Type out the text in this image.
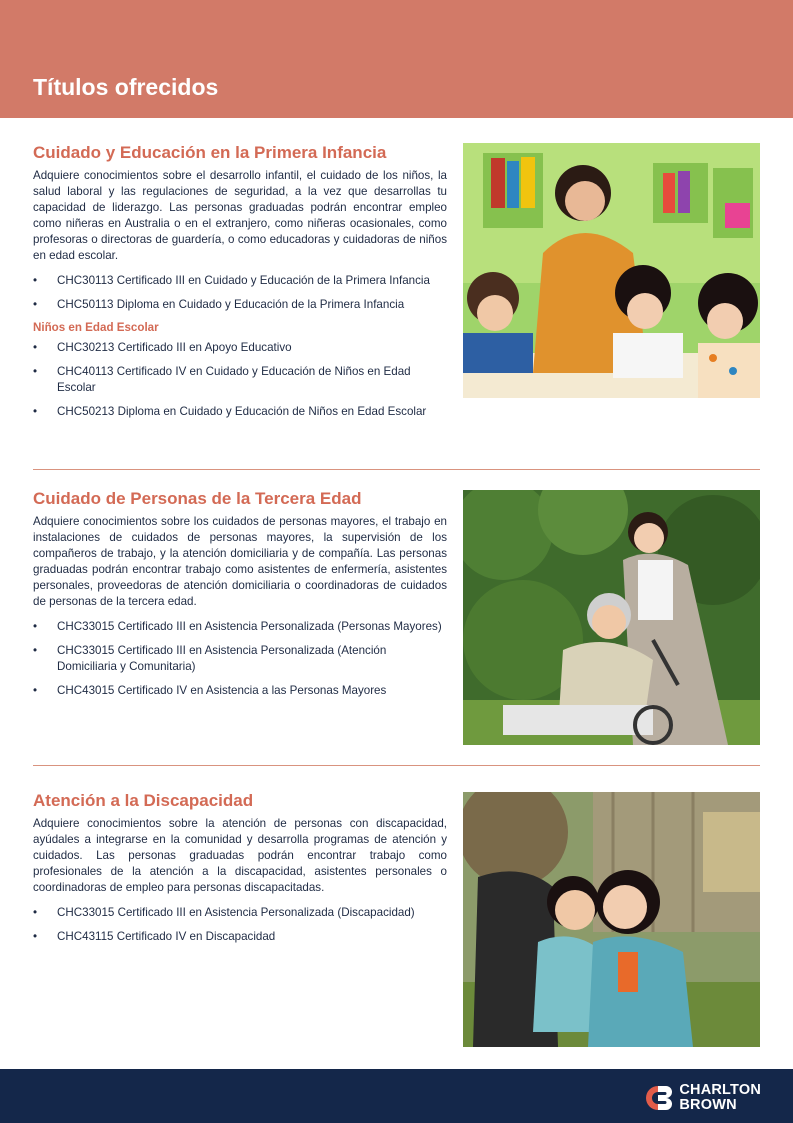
Títulos ofrecidos
Cuidado y Educación en la Primera Infancia

Adquiere conocimientos sobre el desarrollo infantil, el cuidado de los niños, la salud laboral y las regulaciones de seguridad, a la vez que desarrollas tu capacidad de liderazgo. Las personas graduadas podrán encontrar empleo como niñeras en Australia o en el extranjero, como niñeras ocasionales, como profesoras o directoras de guardería, o como educadoras y cuidadoras de niños en edad escolar.

• CHC30113 Certificado III en Cuidado y Educación de la Primera Infancia
• CHC50113 Diploma en Cuidado y Educación de la Primera Infancia
Niños en Edad Escolar
• CHC30213 Certificado III en Apoyo Educativo
• CHC40113 Certificado IV en Cuidado y Educación de Niños en Edad Escolar
• CHC50213 Diploma en Cuidado y Educación de Niños en Edad Escolar
Cuidado de Personas de la Tercera Edad

Adquiere conocimientos sobre los cuidados de personas mayores, el trabajo en instalaciones de cuidados de personas mayores, la supervisión de los compañeros de trabajo, y la atención domiciliaria y de compañía. Las personas graduadas podrán encontrar trabajo como asistentes de enfermería, asistentes personales, proveedoras de atención domiciliaria o coordinadoras de cuidados de personas de la tercera edad.

• CHC33015 Certificado III en Asistencia Personalizada (Personas Mayores)
• CHC33015 Certificado III en Asistencia Personalizada (Atención Domiciliaria y Comunitaria)
• CHC43015 Certificado IV en Asistencia a las Personas Mayores
Atención a la Discapacidad

Adquiere conocimientos sobre la atención de personas con discapacidad, ayúdales a integrarse en la comunidad y desarrolla programas de atención y cuidados. Las personas graduadas podrán encontrar trabajo como profesionales de la atención a la discapacidad, asistentes personales o coordinadoras de empleo para personas discapacitadas.

• CHC33015 Certificado III en Asistencia Personalizada (Discapacidad)
• CHC43115 Certificado IV en Discapacidad
CHARLTON
BROWN
